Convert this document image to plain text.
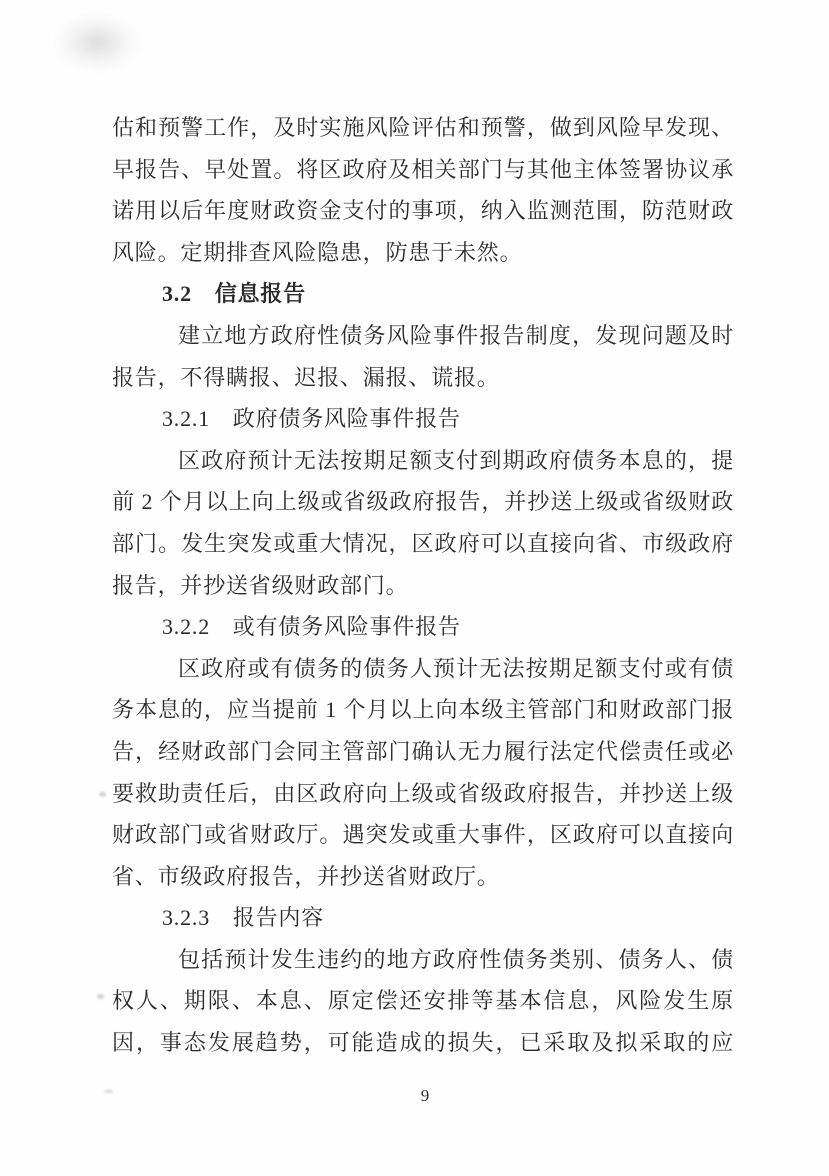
估和预警工作，及时实施风险评估和预警，做到风险早发现、早报告、早处置。将区政府及相关部门与其他主体签署协议承诺用以后年度财政资金支付的事项，纳入监测范围，防范财政风险。定期排查风险隐患，防患于未然。

3.2　信息报告

建立地方政府性债务风险事件报告制度，发现问题及时报告，不得瞒报、迟报、漏报、谎报。

3.2.1　政府债务风险事件报告

区政府预计无法按期足额支付到期政府债务本息的，提前 2 个月以上向上级或省级政府报告，并抄送上级或省级财政部门。发生突发或重大情况，区政府可以直接向省、市级政府报告，并抄送省级财政部门。

3.2.2　或有债务风险事件报告

区政府或有债务的债务人预计无法按期足额支付或有债务本息的，应当提前 1 个月以上向本级主管部门和财政部门报告，经财政部门会同主管部门确认无力履行法定代偿责任或必要救助责任后，由区政府向上级或省级政府报告，并抄送上级财政部门或省财政厅。遇突发或重大事件，区政府可以直接向省、市级政府报告，并抄送省财政厅。

3.2.3　报告内容

包括预计发生违约的地方政府性债务类别、债务人、债权人、期限、本息、原定偿还安排等基本信息，风险发生原因，事态发展趋势，可能造成的损失，已采取及拟采取的应

9
